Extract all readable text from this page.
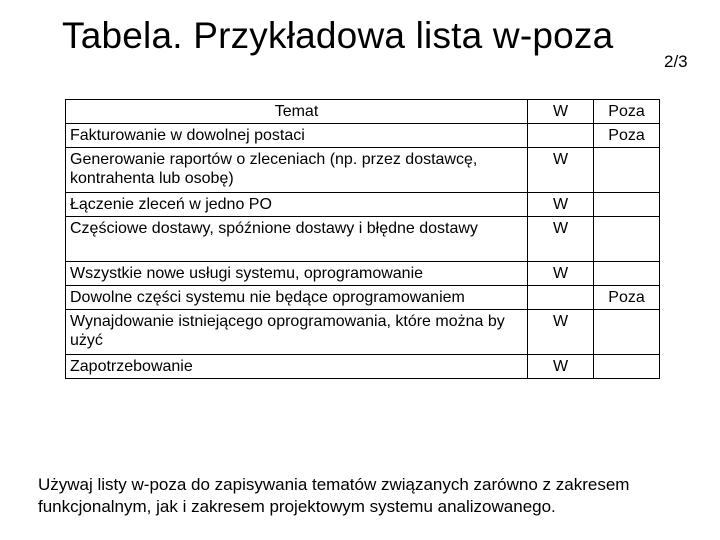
Tabela. Przykładowa lista w-poza
2/3
Temat	W	Poza
Fakturowanie w dowolnej postaci		Poza
Generowanie raportów o zleceniach (np. przez dostawcę, kontrahenta lub osobę)	W	
Łączenie zleceń w jedno PO	W	
Częściowe dostawy, spóźnione dostawy i błędne dostawy	W	
Wszystkie nowe usługi systemu, oprogramowanie	W	
Dowolne części systemu nie będące oprogramowaniem		Poza
Wynajdowanie istniejącego oprogramowania, które można by użyć	W	
Zapotrzebowanie	W	
Używaj listy w-poza do zapisywania tematów związanych zarówno z zakresem funkcjonalnym, jak i zakresem projektowym systemu analizowanego.
